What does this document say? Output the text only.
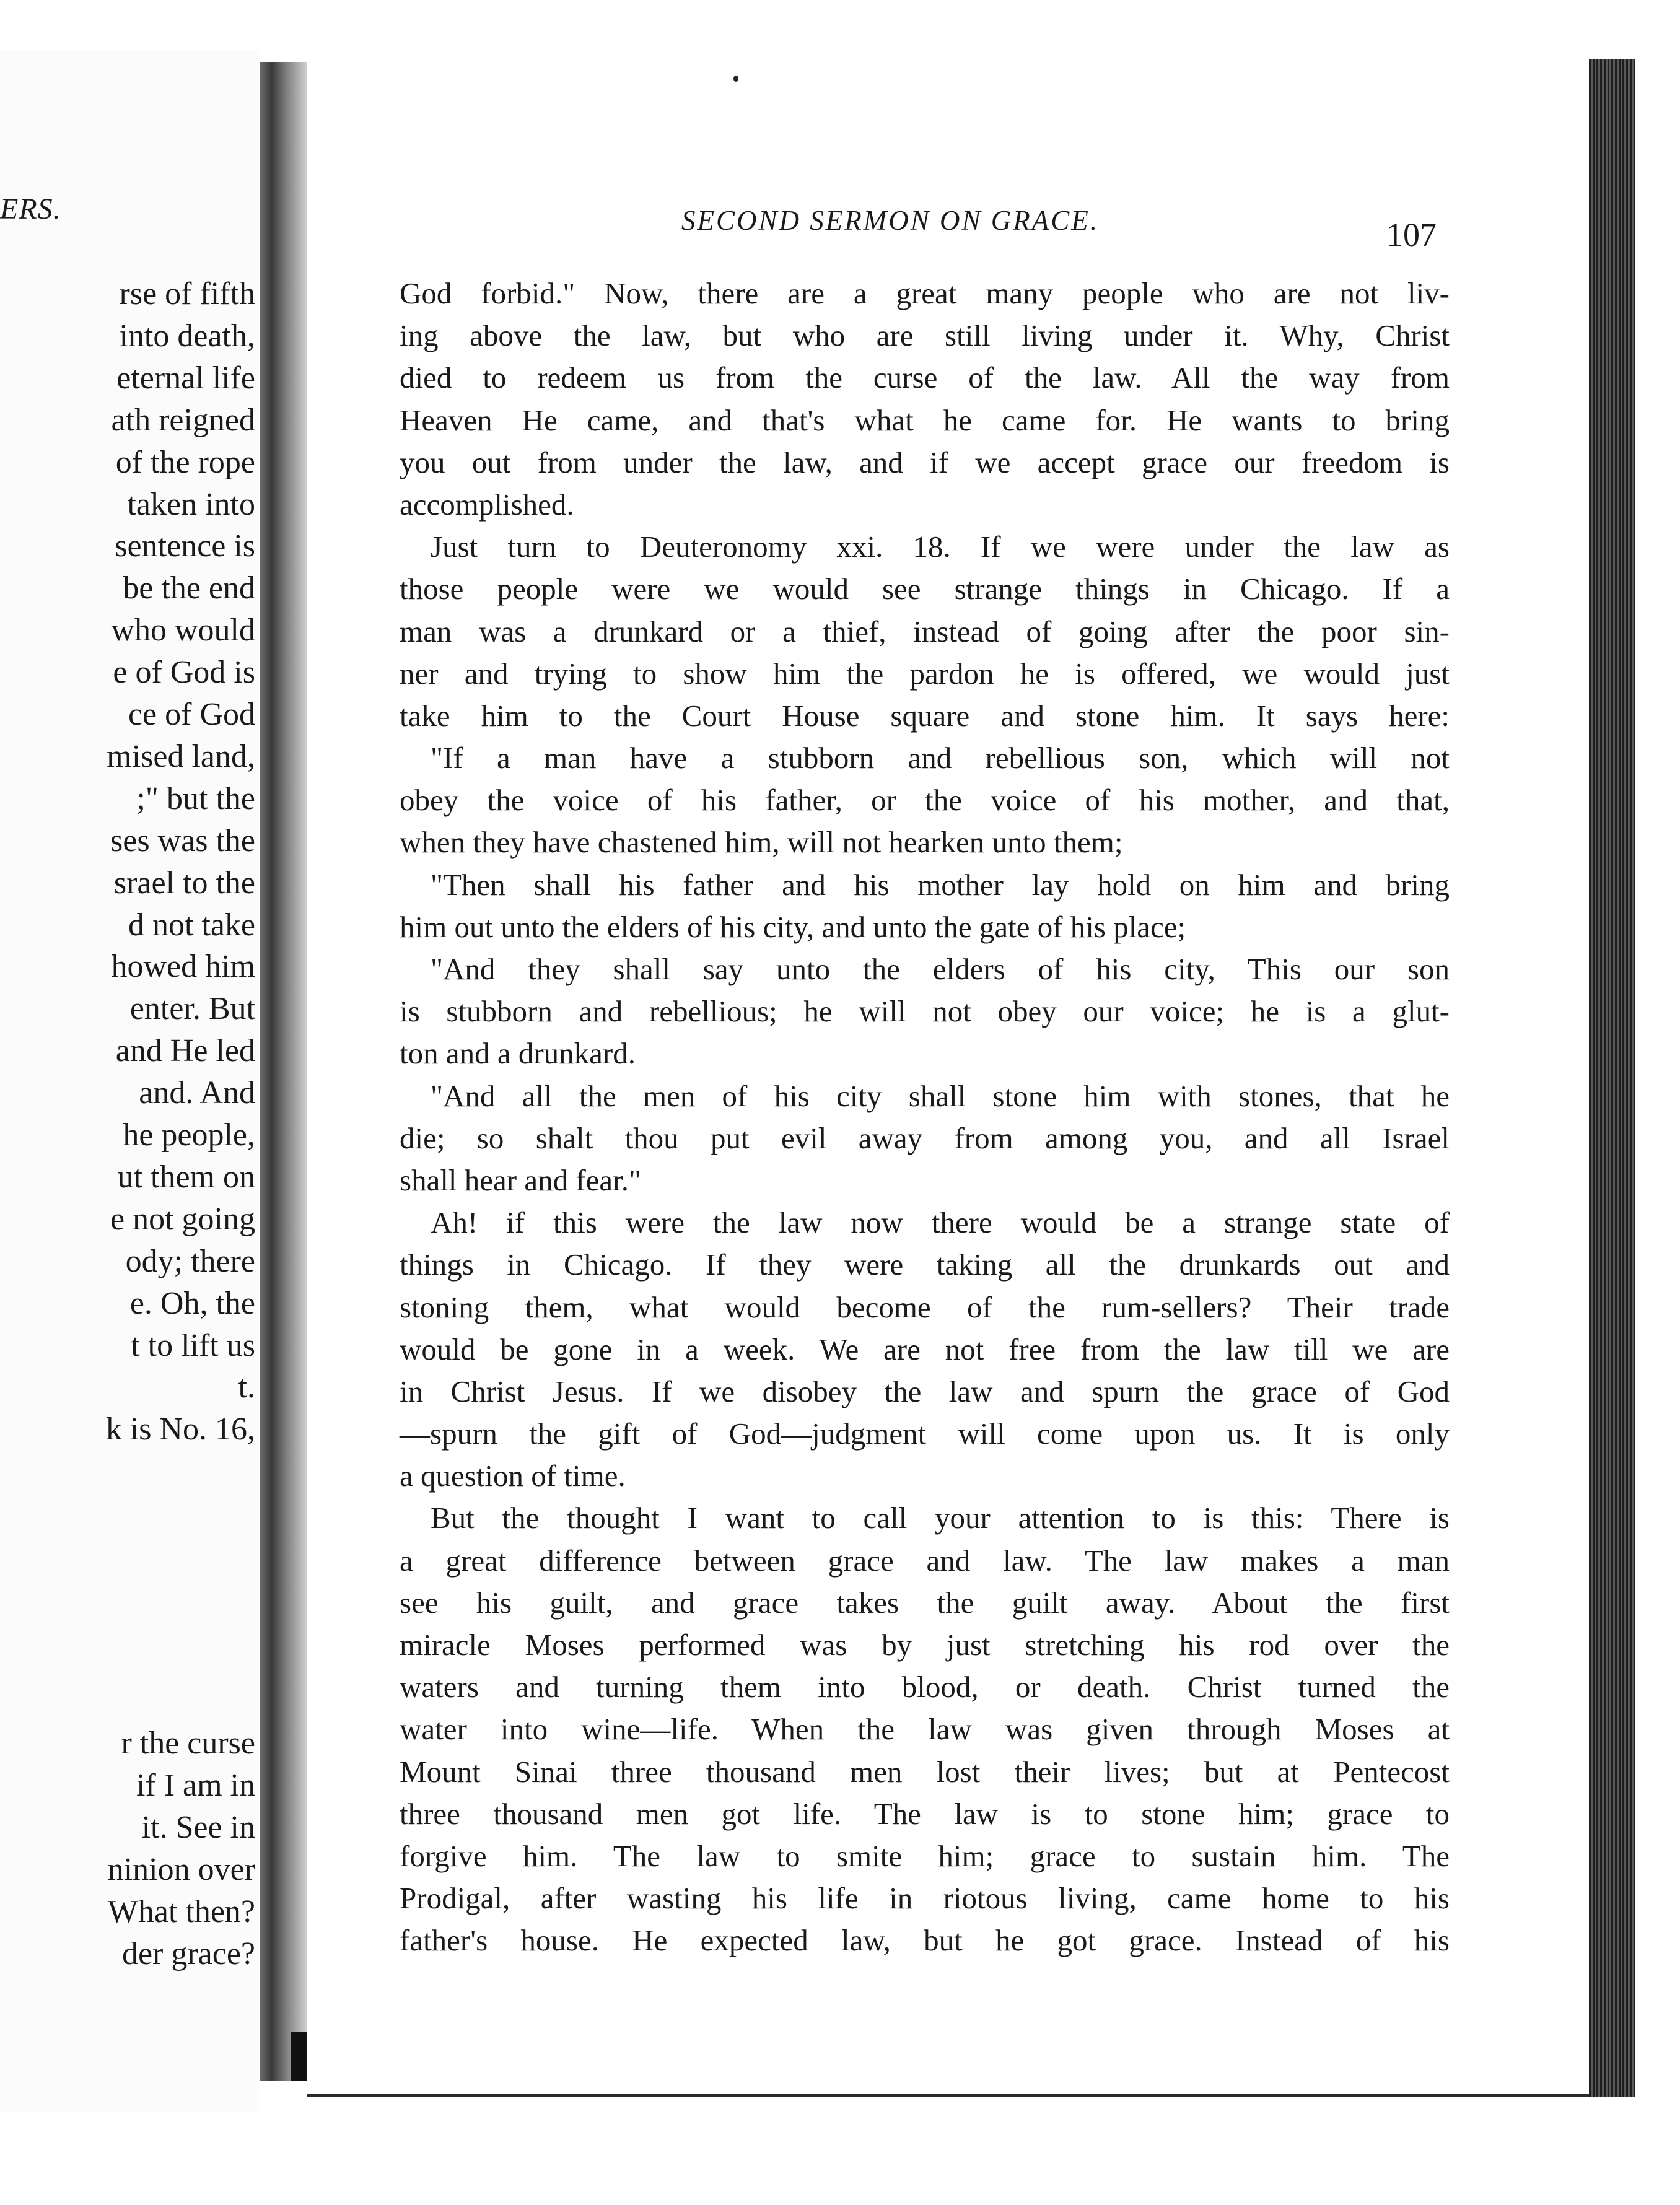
ERS.
rse of fifth
into death,
eternal life
ath reigned
of the rope
taken into
sentence is
be the end
who would
e of God is
ce of God
mised land,
;" but the
ses was the
srael to the
d not take
howed him
enter. But
and He led
and. And
he people,
ut them on
e not going
ody; there
e. Oh, the
t to lift us
t.
k is No. 16,
r the curse
if I am in
it. See in
ninion over
What then?
der grace?
SECOND SERMON ON GRACE.	107
God forbid." Now, there are a great many people who are not liv-
ing above the law, but who are still living under it. Why, Christ
died to redeem us from the curse of the law. All the way from
Heaven He came, and that's what he came for. He wants to bring
you out from under the law, and if we accept grace our freedom is
accomplished.
Just turn to Deuteronomy xxi. 18. If we were under the law as
those people were we would see strange things in Chicago. If a
man was a drunkard or a thief, instead of going after the poor sin-
ner and trying to show him the pardon he is offered, we would just
take him to the Court House square and stone him. It says here:
"If a man have a stubborn and rebellious son, which will not
obey the voice of his father, or the voice of his mother, and that,
when they have chastened him, will not hearken unto them;
"Then shall his father and his mother lay hold on him and bring
him out unto the elders of his city, and unto the gate of his place;
"And they shall say unto the elders of his city, This our son
is stubborn and rebellious; he will not obey our voice; he is a glut-
ton and a drunkard.
"And all the men of his city shall stone him with stones, that he
die; so shalt thou put evil away from among you, and all Israel
shall hear and fear."
Ah! if this were the law now there would be a strange state of
things in Chicago. If they were taking all the drunkards out and
stoning them, what would become of the rum-sellers? Their trade
would be gone in a week. We are not free from the law till we are
in Christ Jesus. If we disobey the law and spurn the grace of God
—spurn the gift of God—judgment will come upon us. It is only
a question of time.
But the thought I want to call your attention to is this: There is
a great difference between grace and law. The law makes a man
see his guilt, and grace takes the guilt away. About the first
miracle Moses performed was by just stretching his rod over the
waters and turning them into blood, or death. Christ turned the
water into wine—life. When the law was given through Moses at
Mount Sinai three thousand men lost their lives; but at Pentecost
three thousand men got life. The law is to stone him; grace to
forgive him. The law to smite him; grace to sustain him. The
Prodigal, after wasting his life in riotous living, came home to his
father's house. He expected law, but he got grace. Instead of his
